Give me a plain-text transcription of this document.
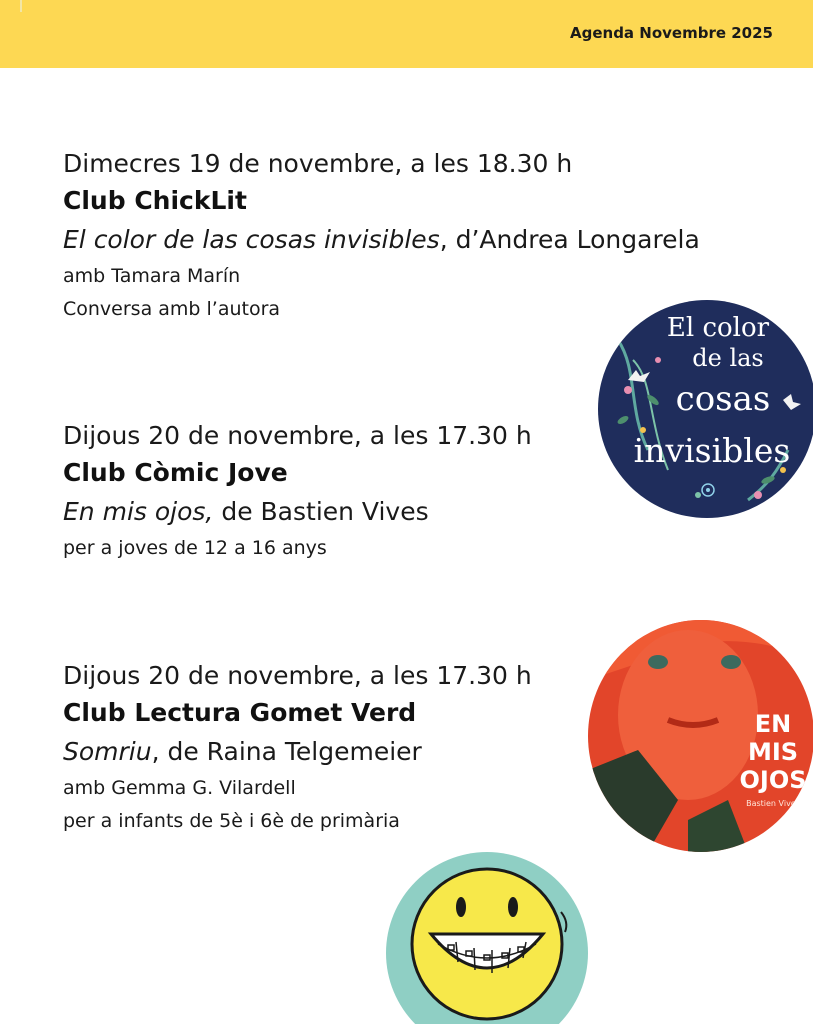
Agenda Novembre 2025
Dimecres 19 de novembre, a les 18.30 h
Club ChickLit
El color de las cosas invisibles, d’Andrea Longarela
amb Tamara Marín
Conversa amb l’autora
Dijous 20 de novembre, a les 17.30 h
Club Còmic Jove
En mis ojos, de Bastien Vives
per a joves de 12 a 16 anys
Dijous 20 de novembre, a les 17.30 h
Club Lectura Gomet Verd
Somriu, de Raina Telgemeier
amb Gemma G. Vilardell
per a infants de 5è i 6è de primària
El color
de las
cosas
invisibles
EN
MIS
OJOS
Bastien Vives
